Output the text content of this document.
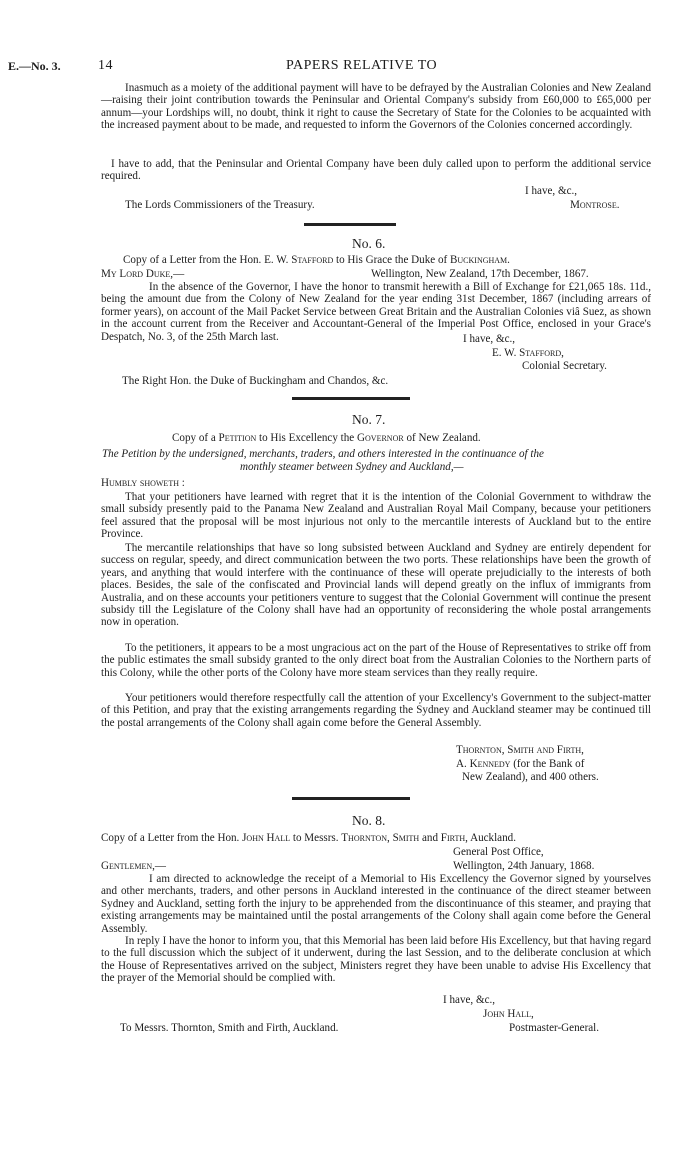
E.—No. 3.	14	PAPERS RELATIVE TO

Inasmuch as a moiety of the additional payment will have to be defrayed by the Australian Colonies and New Zealand—raising their joint contribution towards the Peninsular and Oriental Company's subsidy from £60,000 to £65,000 per annum—your Lordships will, no doubt, think it right to cause the Secretary of State for the Colonies to be acquainted with the increased payment about to be made, and requested to inform the Governors of the Colonies concerned accordingly.

I have to add, that the Peninsular and Oriental Company have been duly called upon to perform the additional service required.

I have, &c.,
The Lords Commissioners of the Treasury.	Montrose.
No. 6.
Copy of a Letter from the Hon. E. W. Stafford to His Grace the Duke of Buckingham.
My Lord Duke,—	Wellington, New Zealand, 17th December, 1867.

In the absence of the Governor, I have the honor to transmit herewith a Bill of Exchange for £21,065 18s. 11d., being the amount due from the Colony of New Zealand for the year ending 31st December, 1867 (including arrears of former years), on account of the Mail Packet Service between Great Britain and the Australian Colonies viâ Suez, as shown in the account current from the Receiver and Accountant-General of the Imperial Post Office, enclosed in your Grace's Despatch, No. 3, of the 25th March last.	I have, &c.,
E. W. Stafford,
Colonial Secretary.
The Right Hon. the Duke of Buckingham and Chandos, &c.
No. 7.
Copy of a Petition to His Excellency the Governor of New Zealand.
The Petition by the undersigned, merchants, traders, and others interested in the continuance of the
monthly steamer between Sydney and Auckland,—
Humbly showeth :

That your petitioners have learned with regret that it is the intention of the Colonial Government to withdraw the small subsidy presently paid to the Panama New Zealand and Australian Royal Mail Company, because your petitioners feel assured that the proposal will be most injurious not only to the mercantile interests of Auckland but to the entire Province.

The mercantile relationships that have so long subsisted between Auckland and Sydney are entirely dependent for success on regular, speedy, and direct communication between the two ports. These relationships have been the growth of years, and anything that would interfere with the continuance of these will operate prejudicially to the interests of both places. Besides, the sale of the confiscated and Provincial lands will depend greatly on the influx of immigrants from Australia, and on these accounts your petitioners venture to suggest that the Colonial Government will continue the present subsidy till the Legislature of the Colony shall have had an opportunity of reconsidering the whole postal arrangements now in operation.

To the petitioners, it appears to be a most ungracious act on the part of the House of Representatives to strike off from the public estimates the small subsidy granted to the only direct boat from the Australian Colonies to the Northern parts of this Colony, while the other ports of the Colony have more steam services than they really require.

Your petitioners would therefore respectfully call the attention of your Excellency's Government to the subject-matter of this Petition, and pray that the existing arrangements regarding the Sydney and Auckland steamer may be continued till the postal arrangements of the Colony shall again come before the General Assembly.

Thornton, Smith and Firth,
A. Kennedy (for the Bank of
New Zealand), and 400 others.
No. 8.
Copy of a Letter from the Hon. John Hall to Messrs. Thornton, Smith and Firth, Auckland.
General Post Office,
Gentlemen,—	Wellington, 24th January, 1868.

I am directed to acknowledge the receipt of a Memorial to His Excellency the Governor signed by yourselves and other merchants, traders, and other persons in Auckland interested in the continuance of the direct steamer between Sydney and Auckland, setting forth the injury to be apprehended from the discontinuance of this steamer, and praying that existing arrangements may be maintained until the postal arrangements of the Colony shall again come before the General Assembly.

In reply I have the honor to inform you, that this Memorial has been laid before His Excellency, but that having regard to the full discussion which the subject of it underwent, during the last Session, and to the deliberate conclusion at which the House of Representatives arrived on the subject, Ministers regret they have been unable to advise His Excellency that the prayer of the Memorial should be complied with.

I have, &c.,
John Hall,
To Messrs. Thornton, Smith and Firth, Auckland.	Postmaster-General.
